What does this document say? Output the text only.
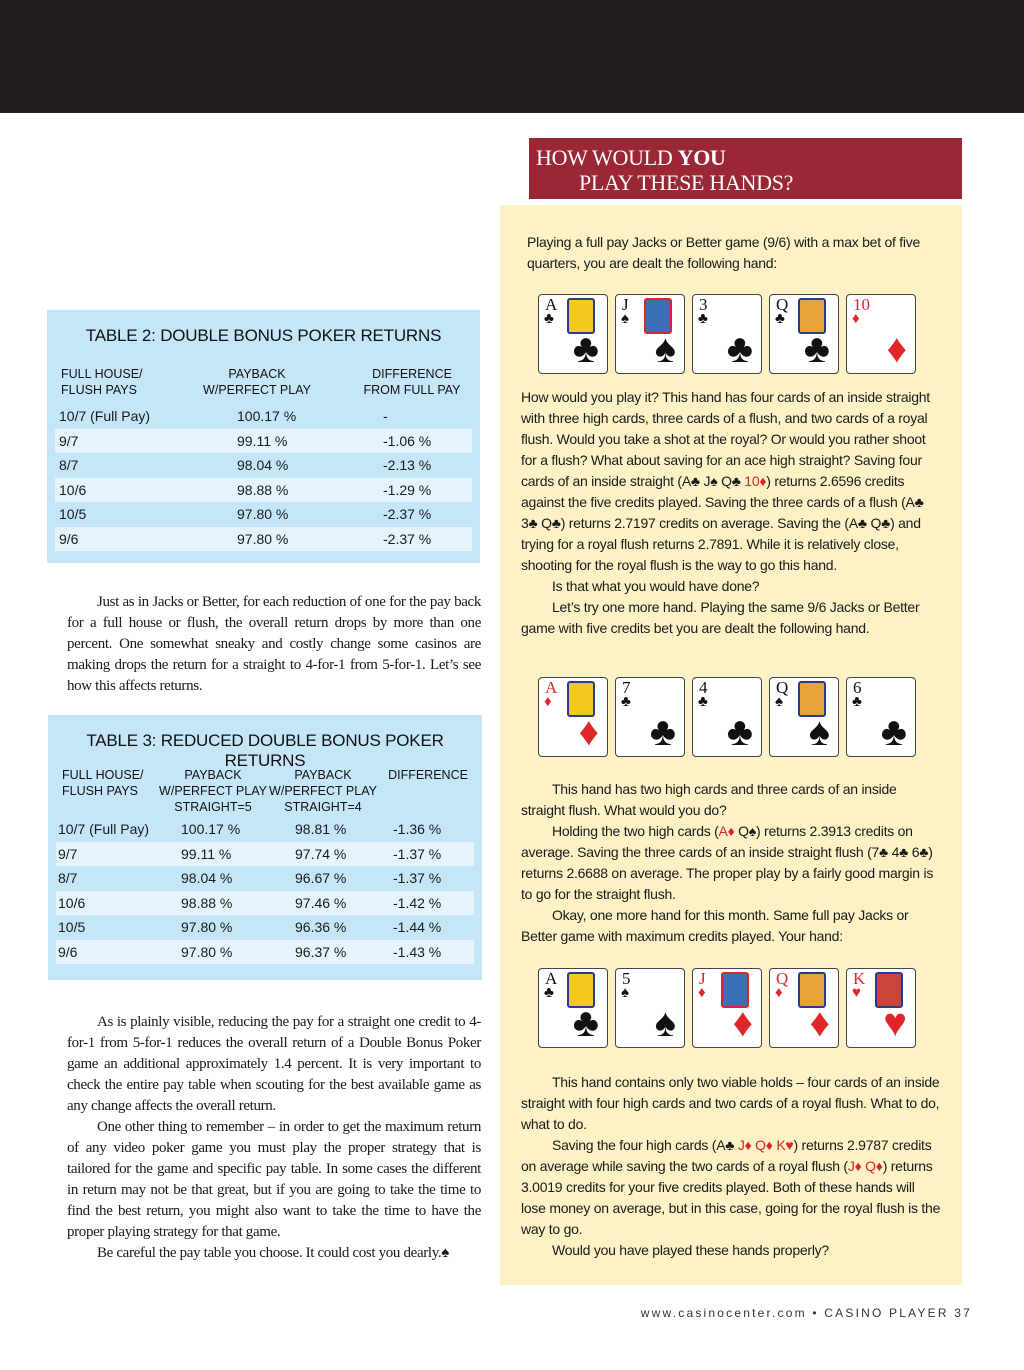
TABLE 2: DOUBLE BONUS POKER RETURNS
FULL HOUSE/
FLUSH PAYS
PAYBACK
W/PERFECT PLAY
DIFFERENCE
FROM FULL PAY
10/7 (Full Pay)	100.17 %	-
9/7	99.11 %	-1.06 %
8/7	98.04 %	-2.13 %
10/6	98.88 %	-1.29 %
10/5	97.80 %	-2.37 %
9/6	97.80 %	-2.37 %

Just as in Jacks or Better, for each reduction of one for the pay back for a full house or flush, the overall return drops by more than one percent. One somewhat sneaky and costly change some casinos are making drops the return for a straight to 4-for-1 from 5-for-1. Let’s see how this affects returns.

TABLE 3: REDUCED DOUBLE BONUS POKER RETURNS
FULL HOUSE/
FLUSH PAYS
PAYBACK
W/PERFECT PLAY
STRAIGHT=5
PAYBACK
W/PERFECT PLAY
STRAIGHT=4
DIFFERENCE
10/7 (Full Pay) 100.17 %	98.81 %	-1.36 %
9/7	99.11 %	97.74 %	-1.37 %
8/7	98.04 %	96.67 %	-1.37 %
10/6	98.88 %	97.46 %	-1.42 %
10/5	97.80 %	96.36 %	-1.44 %
9/6	97.80 %	96.37 %	-1.43 %

As is plainly visible, reducing the pay for a straight one credit to 4-for-1 from 5-for-1 reduces the overall return of a Double Bonus Poker game an additional approximately 1.4 percent. It is very important to check the entire pay table when scouting for the best available game as any change affects the overall return.

One other thing to remember – in order to get the maximum return of any video poker game you must play the proper strategy that is tailored for the game and specific pay table. In some cases the different in return may not be that great, but if you are going to take the time to find the best return, you might also want to take the time to have the proper playing strategy for that game.

Be careful the pay table you choose. It could cost you dearly.♠

HOW WOULD YOU
PLAY THESE HANDS?
Playing a full pay Jacks or Better game (9/6) with a max bet of five quarters, you are dealt the following hand:
A
♣
♣
J
♠
♠
3
♣
♣
Q
♣
♣
10
♦
♦

How would you play it? This hand has four cards of an inside straight with three high cards, three cards of a flush, and two cards of a royal flush. Would you take a shot at the royal? Or would you rather shoot for a flush? What about saving for an ace high straight? Saving four cards of an inside straight (A♣ J♠ Q♣ 10♦) returns 2.6596 credits against the five credits played. Saving the three cards of a flush (A♣ 3♣ Q♣) returns 2.7197 credits on average. Saving the (A♣ Q♣) and trying for a royal flush returns 2.7891. While it is relatively close, shooting for the royal flush is the way to go this hand.

Is that what you would have done?

Let’s try one more hand. Playing the same 9/6 Jacks or Better game with five credits bet you are dealt the following hand.

A
♦
♦
7
♣
♣
4
♣
♣
Q
♠
♠
6
♣
♣

This hand has two high cards and three cards of an inside straight flush. What would you do?

Holding the two high cards (A♦ Q♠) returns 2.3913 credits on average. Saving the three cards of an inside straight flush (7♣ 4♣ 6♣) returns 2.6688 on average. The proper play by a fairly good margin is to go for the straight flush.

Okay, one more hand for this month. Same full pay Jacks or Better game with maximum credits played. Your hand:

A
♣
♣
5
♠
♠
J
♦
♦
Q
♦
♦
K
♥
♥

This hand contains only two viable holds – four cards of an inside straight with four high cards and two cards of a royal flush. What to do, what to do.

Saving the four high cards (A♣ J♦ Q♦ K♥) returns 2.9787 credits on average while saving the two cards of a royal flush (J♦ Q♦) returns 3.0019 credits for your five credits played. Both of these hands will lose money on average, but in this case, going for the royal flush is the way to go.

Would you have played these hands properly?

www.casinocenter.com • CASINO PLAYER 37
